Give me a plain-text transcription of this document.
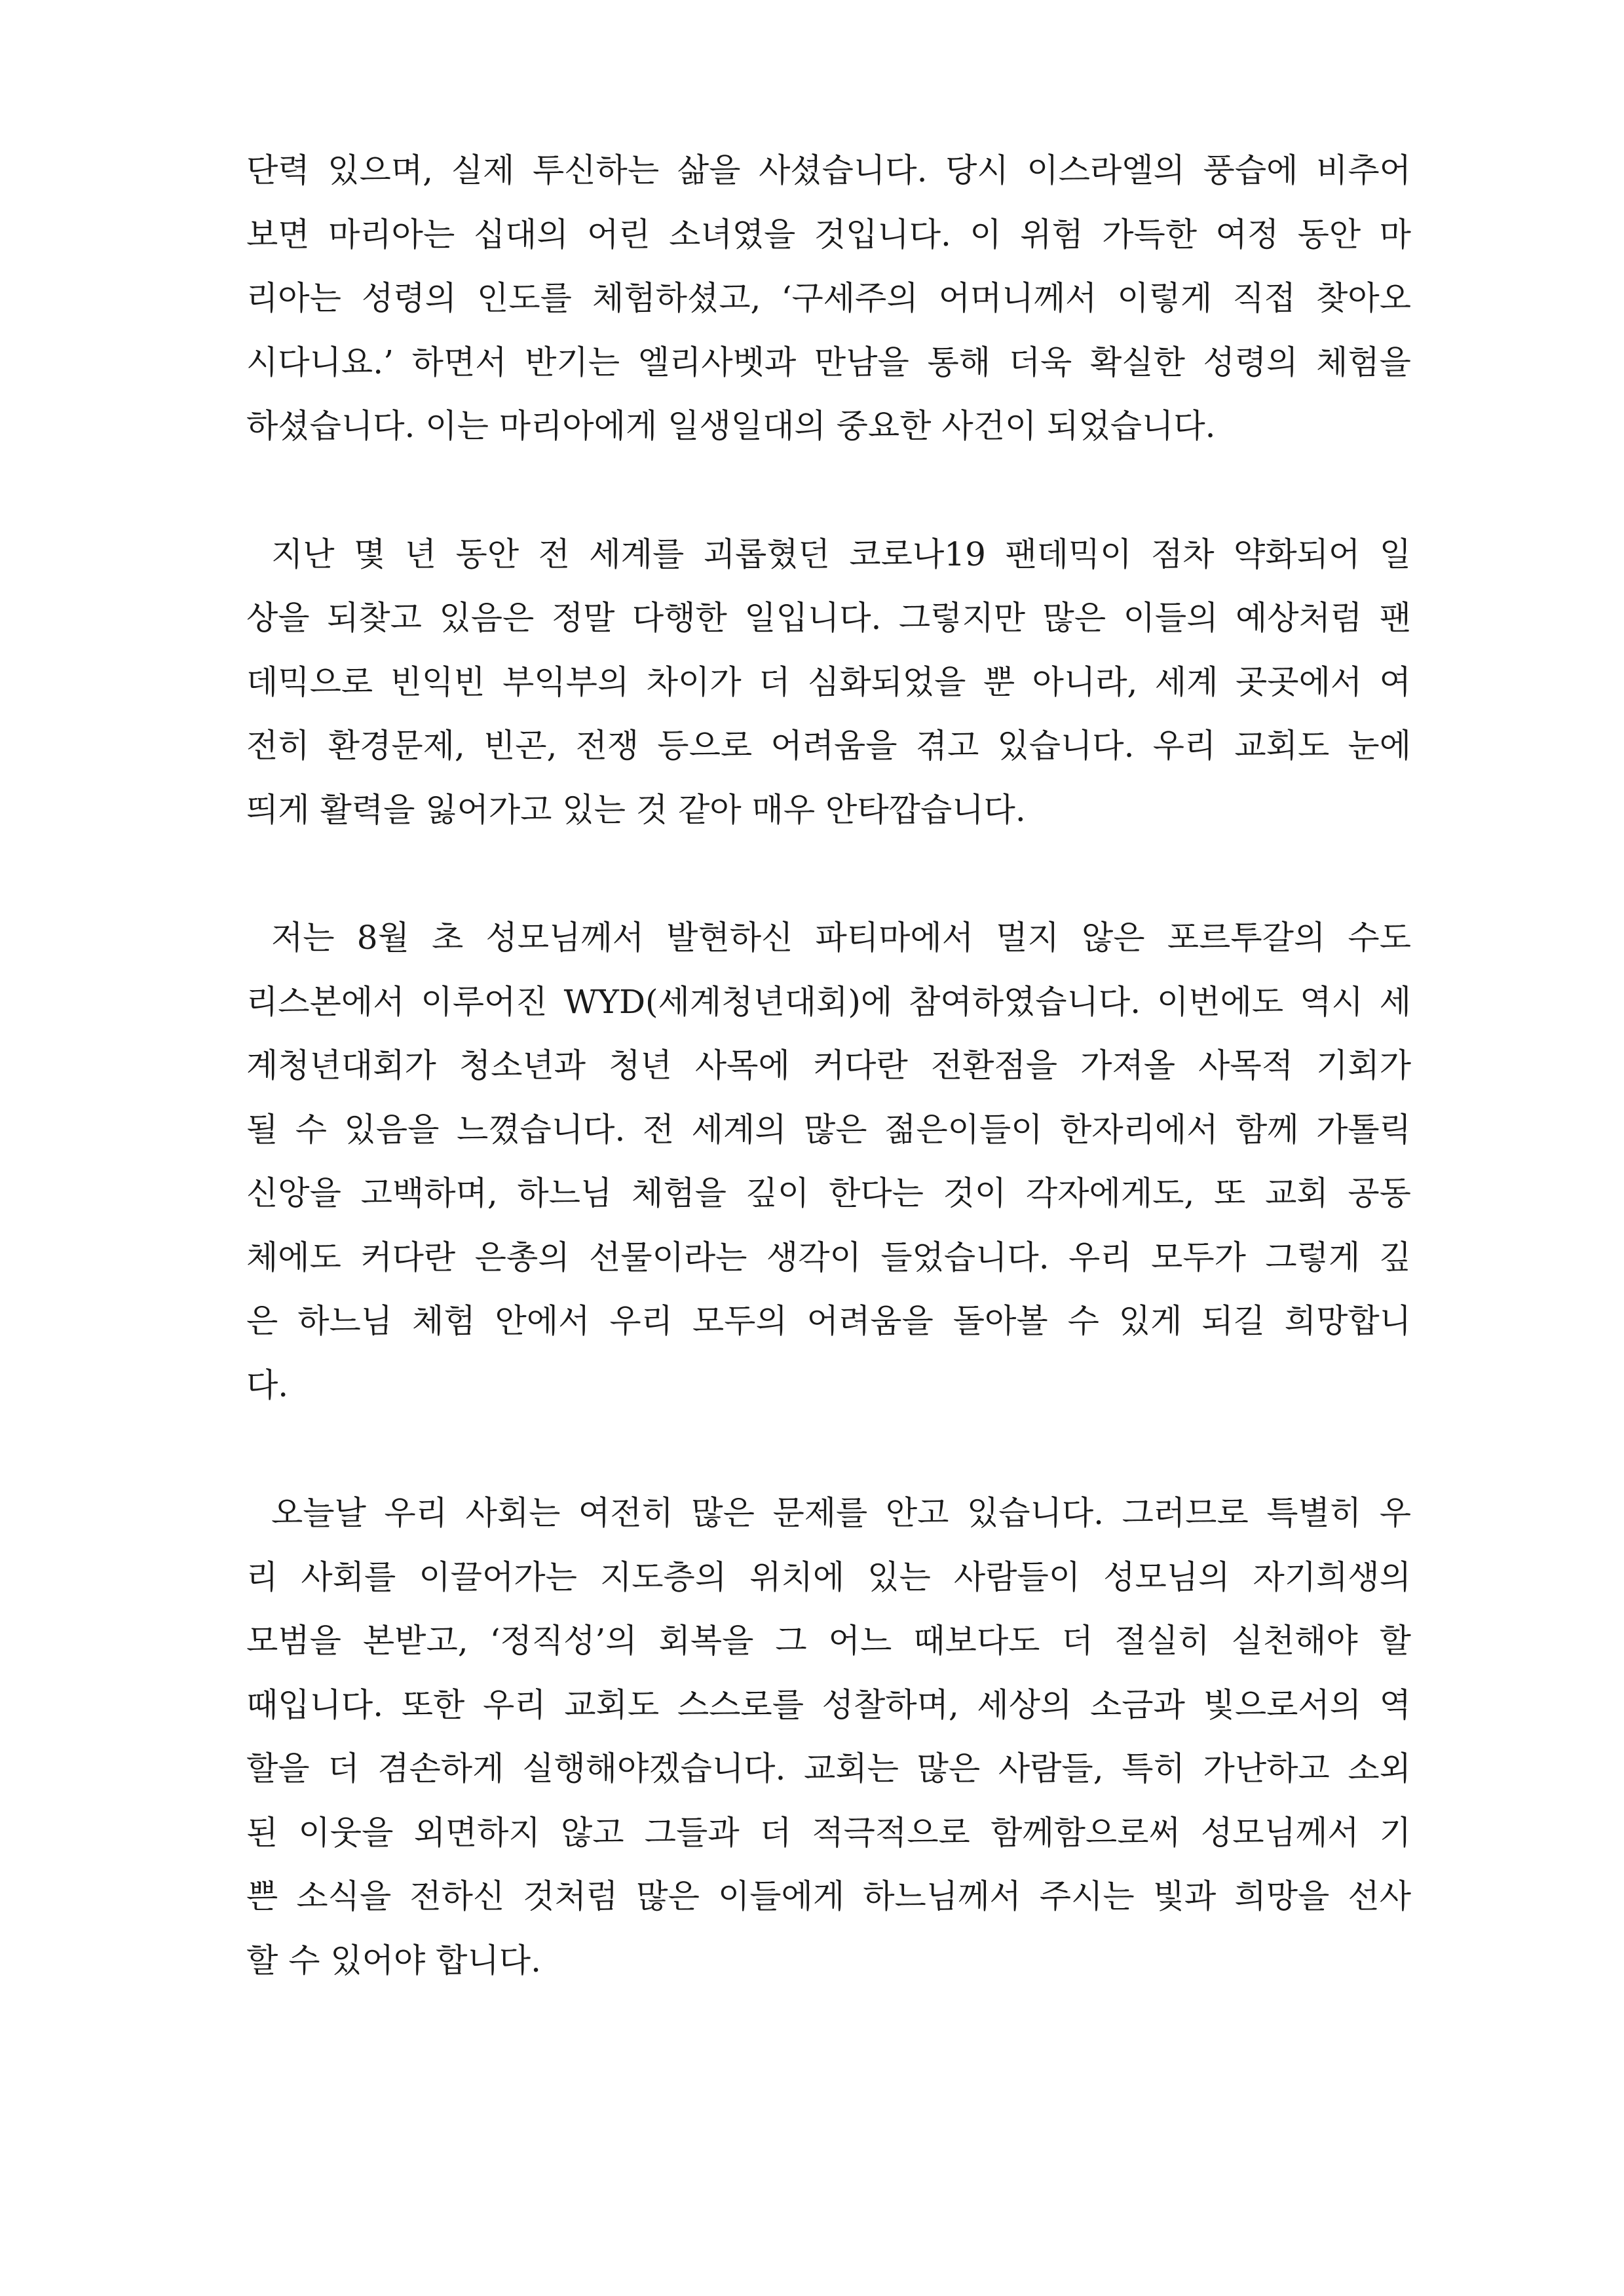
단력 있으며, 실제 투신하는 삶을 사셨습니다. 당시 이스라엘의 풍습에 비추어
보면 마리아는 십대의 어린 소녀였을 것입니다. 이 위험 가득한 여정 동안 마
리아는 성령의 인도를 체험하셨고, ‘구세주의 어머니께서 이렇게 직접 찾아오
시다니요.’ 하면서 반기는 엘리사벳과 만남을 통해 더욱 확실한 성령의 체험을
하셨습니다. 이는 마리아에게 일생일대의 중요한 사건이 되었습니다.

지난 몇 년 동안 전 세계를 괴롭혔던 코로나19 팬데믹이 점차 약화되어 일
상을 되찾고 있음은 정말 다행한 일입니다. 그렇지만 많은 이들의 예상처럼 팬
데믹으로 빈익빈 부익부의 차이가 더 심화되었을 뿐 아니라, 세계 곳곳에서 여
전히 환경문제, 빈곤, 전쟁 등으로 어려움을 겪고 있습니다. 우리 교회도 눈에
띄게 활력을 잃어가고 있는 것 같아 매우 안타깝습니다.

저는 8월 초 성모님께서 발현하신 파티마에서 멀지 않은 포르투갈의 수도
리스본에서 이루어진 WYD(세계청년대회)에 참여하였습니다. 이번에도 역시 세
계청년대회가 청소년과 청년 사목에 커다란 전환점을 가져올 사목적 기회가
될 수 있음을 느꼈습니다. 전 세계의 많은 젊은이들이 한자리에서 함께 가톨릭
신앙을 고백하며, 하느님 체험을 깊이 한다는 것이 각자에게도, 또 교회 공동
체에도 커다란 은총의 선물이라는 생각이 들었습니다. 우리 모두가 그렇게 깊
은 하느님 체험 안에서 우리 모두의 어려움을 돌아볼 수 있게 되길 희망합니
다.

오늘날 우리 사회는 여전히 많은 문제를 안고 있습니다. 그러므로 특별히 우
리 사회를 이끌어가는 지도층의 위치에 있는 사람들이 성모님의 자기희생의
모범을 본받고, ‘정직성’의 회복을 그 어느 때보다도 더 절실히 실천해야 할
때입니다. 또한 우리 교회도 스스로를 성찰하며, 세상의 소금과 빛으로서의 역
할을 더 겸손하게 실행해야겠습니다. 교회는 많은 사람들, 특히 가난하고 소외
된 이웃을 외면하지 않고 그들과 더 적극적으로 함께함으로써 성모님께서 기
쁜 소식을 전하신 것처럼 많은 이들에게 하느님께서 주시는 빛과 희망을 선사
할 수 있어야 합니다.
